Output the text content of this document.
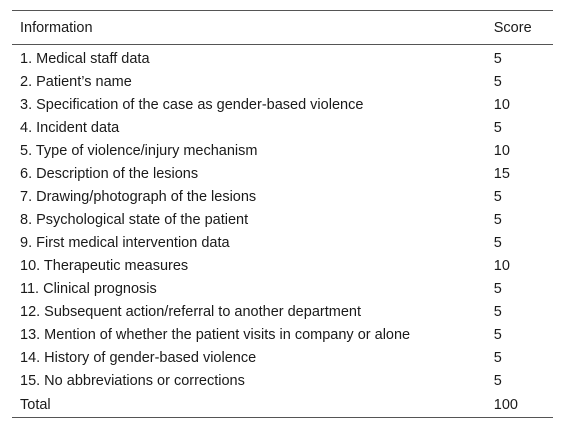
Information	Score
1. Medical staff data	5
2. Patient’s name	5
3. Specification of the case as gender-based violence	10
4. Incident data	5
5. Type of violence/injury mechanism	10
6. Description of the lesions	15
7. Drawing/photograph of the lesions	5
8. Psychological state of the patient	5
9. First medical intervention data	5
10. Therapeutic measures	10
11. Clinical prognosis	5
12. Subsequent action/referral to another department	5
13. Mention of whether the patient visits in company or alone	5
14. History of gender-based violence	5
15. No abbreviations or corrections	5
Total	100
